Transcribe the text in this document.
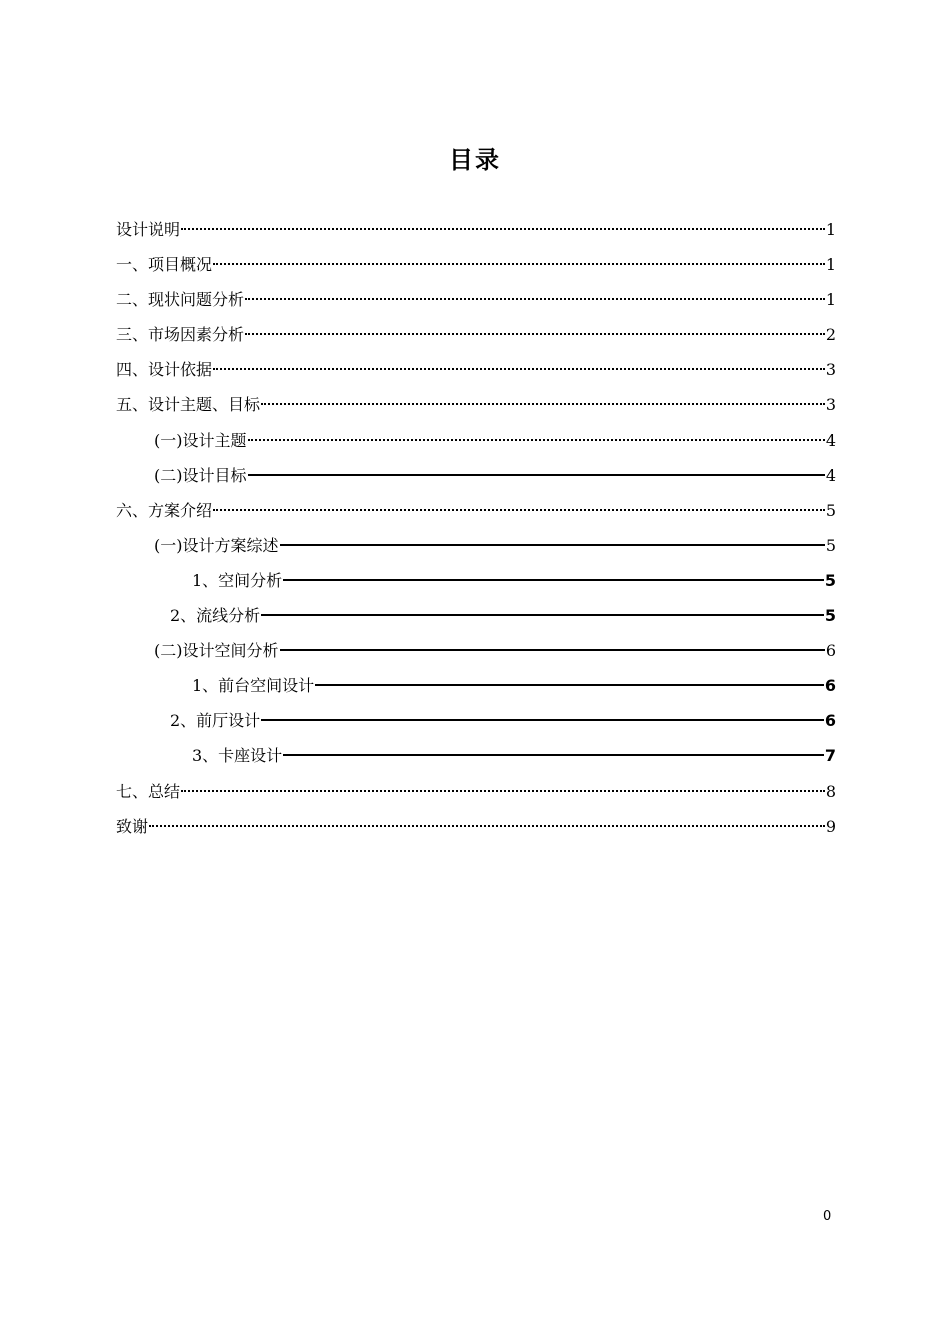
目录
设计说明	1
一、项目概况	1
二、现状问题分析	1
三、市场因素分析	2
四、设计依据	3
五、设计主题、目标	3
(一)设计主题	4
(二)设计目标	4
六、方案介绍	5
(一)设计方案综述	5
1、空间分析	5
2、流线分析	5
(二)设计空间分析	6
1、前台空间设计	6
2、前厅设计	6
3、卡座设计	7
七、总结	8
致谢	9
0
